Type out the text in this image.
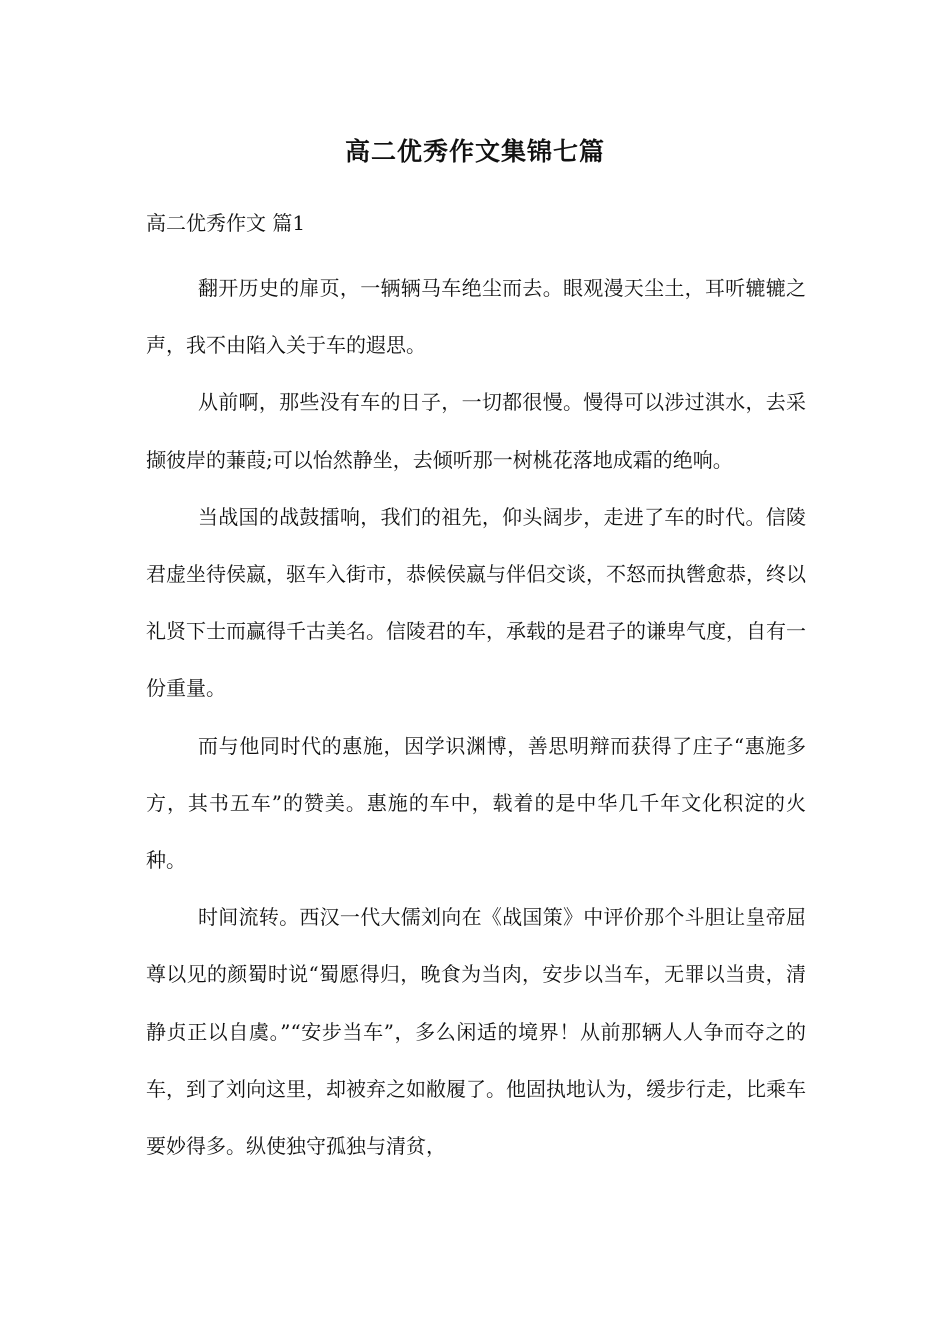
高二优秀作文集锦七篇
高二优秀作文 篇1

翻开历史的扉页，一辆辆马车绝尘而去。眼观漫天尘土，耳听辘辘之声，我不由陷入关于车的遐思。

从前啊，那些没有车的日子，一切都很慢。慢得可以涉过淇水，去采撷彼岸的蒹葭;可以怡然静坐，去倾听那一树桃花落地成霜的绝响。

当战国的战鼓擂响，我们的祖先，仰头阔步，走进了车的时代。信陵君虚坐待侯嬴，驱车入街市，恭候侯嬴与伴侣交谈，不怒而执辔愈恭，终以礼贤下士而赢得千古美名。信陵君的车，承载的是君子的谦卑气度，自有一份重量。

而与他同时代的惠施，因学识渊博，善思明辩而获得了庄子“惠施多方，其书五车”的赞美。惠施的车中，载着的是中华几千年文化积淀的火种。

时间流转。西汉一代大儒刘向在《战国策》中评价那个斗胆让皇帝屈尊以见的颜蜀时说“蜀愿得归，晚食为当肉，安步以当车，无罪以当贵，清静贞正以自虞。”“安步当车”，多么闲适的境界！从前那辆人人争而夺之的车，到了刘向这里，却被弃之如敝履了。他固执地认为，缓步行走，比乘车要妙得多。纵使独守孤独与清贫，
